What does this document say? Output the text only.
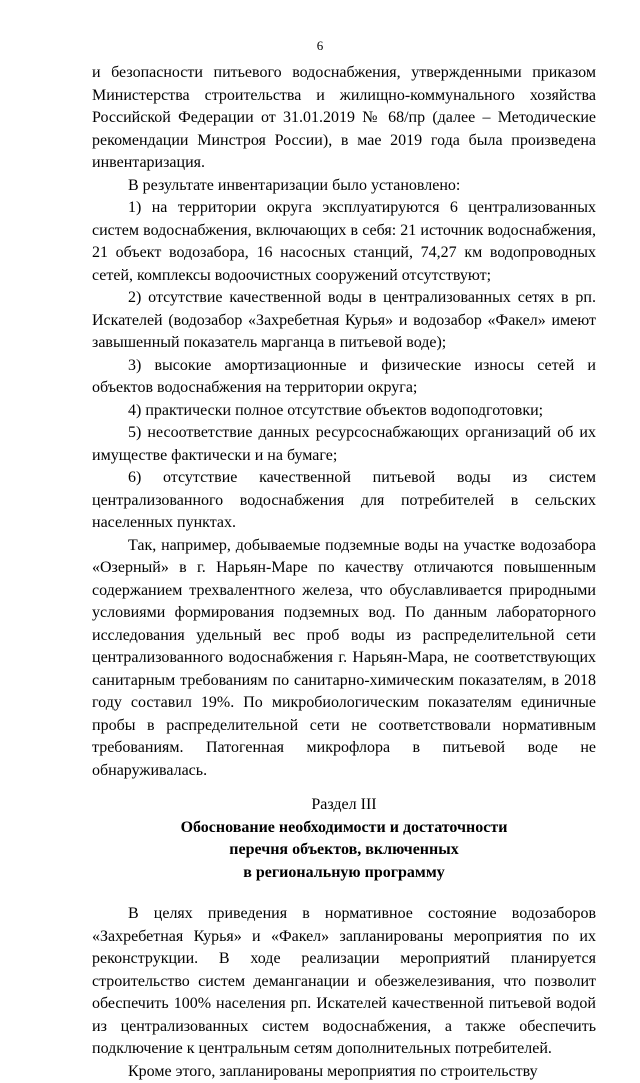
6

и безопасности питьевого водоснабжения, утвержденными приказом Министерства строительства и жилищно-коммунального хозяйства Российской Федерации от 31.01.2019 № 68/пр (далее – Методические рекомендации Минстроя России), в мае 2019 года была произведена инвентаризация.

В результате инвентаризации было установлено:

1) на территории округа эксплуатируются 6 централизованных систем водоснабжения, включающих в себя: 21 источник водоснабжения, 21 объект водозабора, 16 насосных станций, 74,27 км водопроводных сетей, комплексы водоочистных сооружений отсутствуют;

2) отсутствие качественной воды в централизованных сетях в рп. Искателей (водозабор «Захребетная Курья» и водозабор «Факел» имеют завышенный показатель марганца в питьевой воде);

3) высокие амортизационные и физические износы сетей и объектов водоснабжения на территории округа;

4) практически полное отсутствие объектов водоподготовки;

5) несоответствие данных ресурсоснабжающих организаций об их имуществе фактически и на бумаге;

6) отсутствие качественной питьевой воды из систем централизованного водоснабжения для потребителей в сельских населенных пунктах.

Так, например, добываемые подземные воды на участке водозабора «Озерный» в г. Нарьян-Маре по качеству отличаются повышенным содержанием трехвалентного железа, что обуславливается природными условиями формирования подземных вод. По данным лабораторного исследования удельный вес проб воды из распределительной сети централизованного водоснабжения г. Нарьян-Мара, не соответствующих санитарным требованиям по санитарно-химическим показателям, в 2018 году составил 19%. По микробиологическим показателям единичные пробы в распределительной сети не соответствовали нормативным требованиям. Патогенная микрофлора в питьевой воде не обнаруживалась.

Раздел III
Обоснование необходимости и достаточности
перечня объектов, включенных
в региональную программу

В целях приведения в нормативное состояние водозаборов «Захребетная Курья» и «Факел» запланированы мероприятия по их реконструкции. В ходе реализации мероприятий планируется строительство систем деманганации и обезжелезивания, что позволит обеспечить 100% населения рп. Искателей качественной питьевой водой из централизованных систем водоснабжения, а также обеспечить подключение к центральным сетям дополнительных потребителей.

Кроме этого, запланированы мероприятия по строительству
